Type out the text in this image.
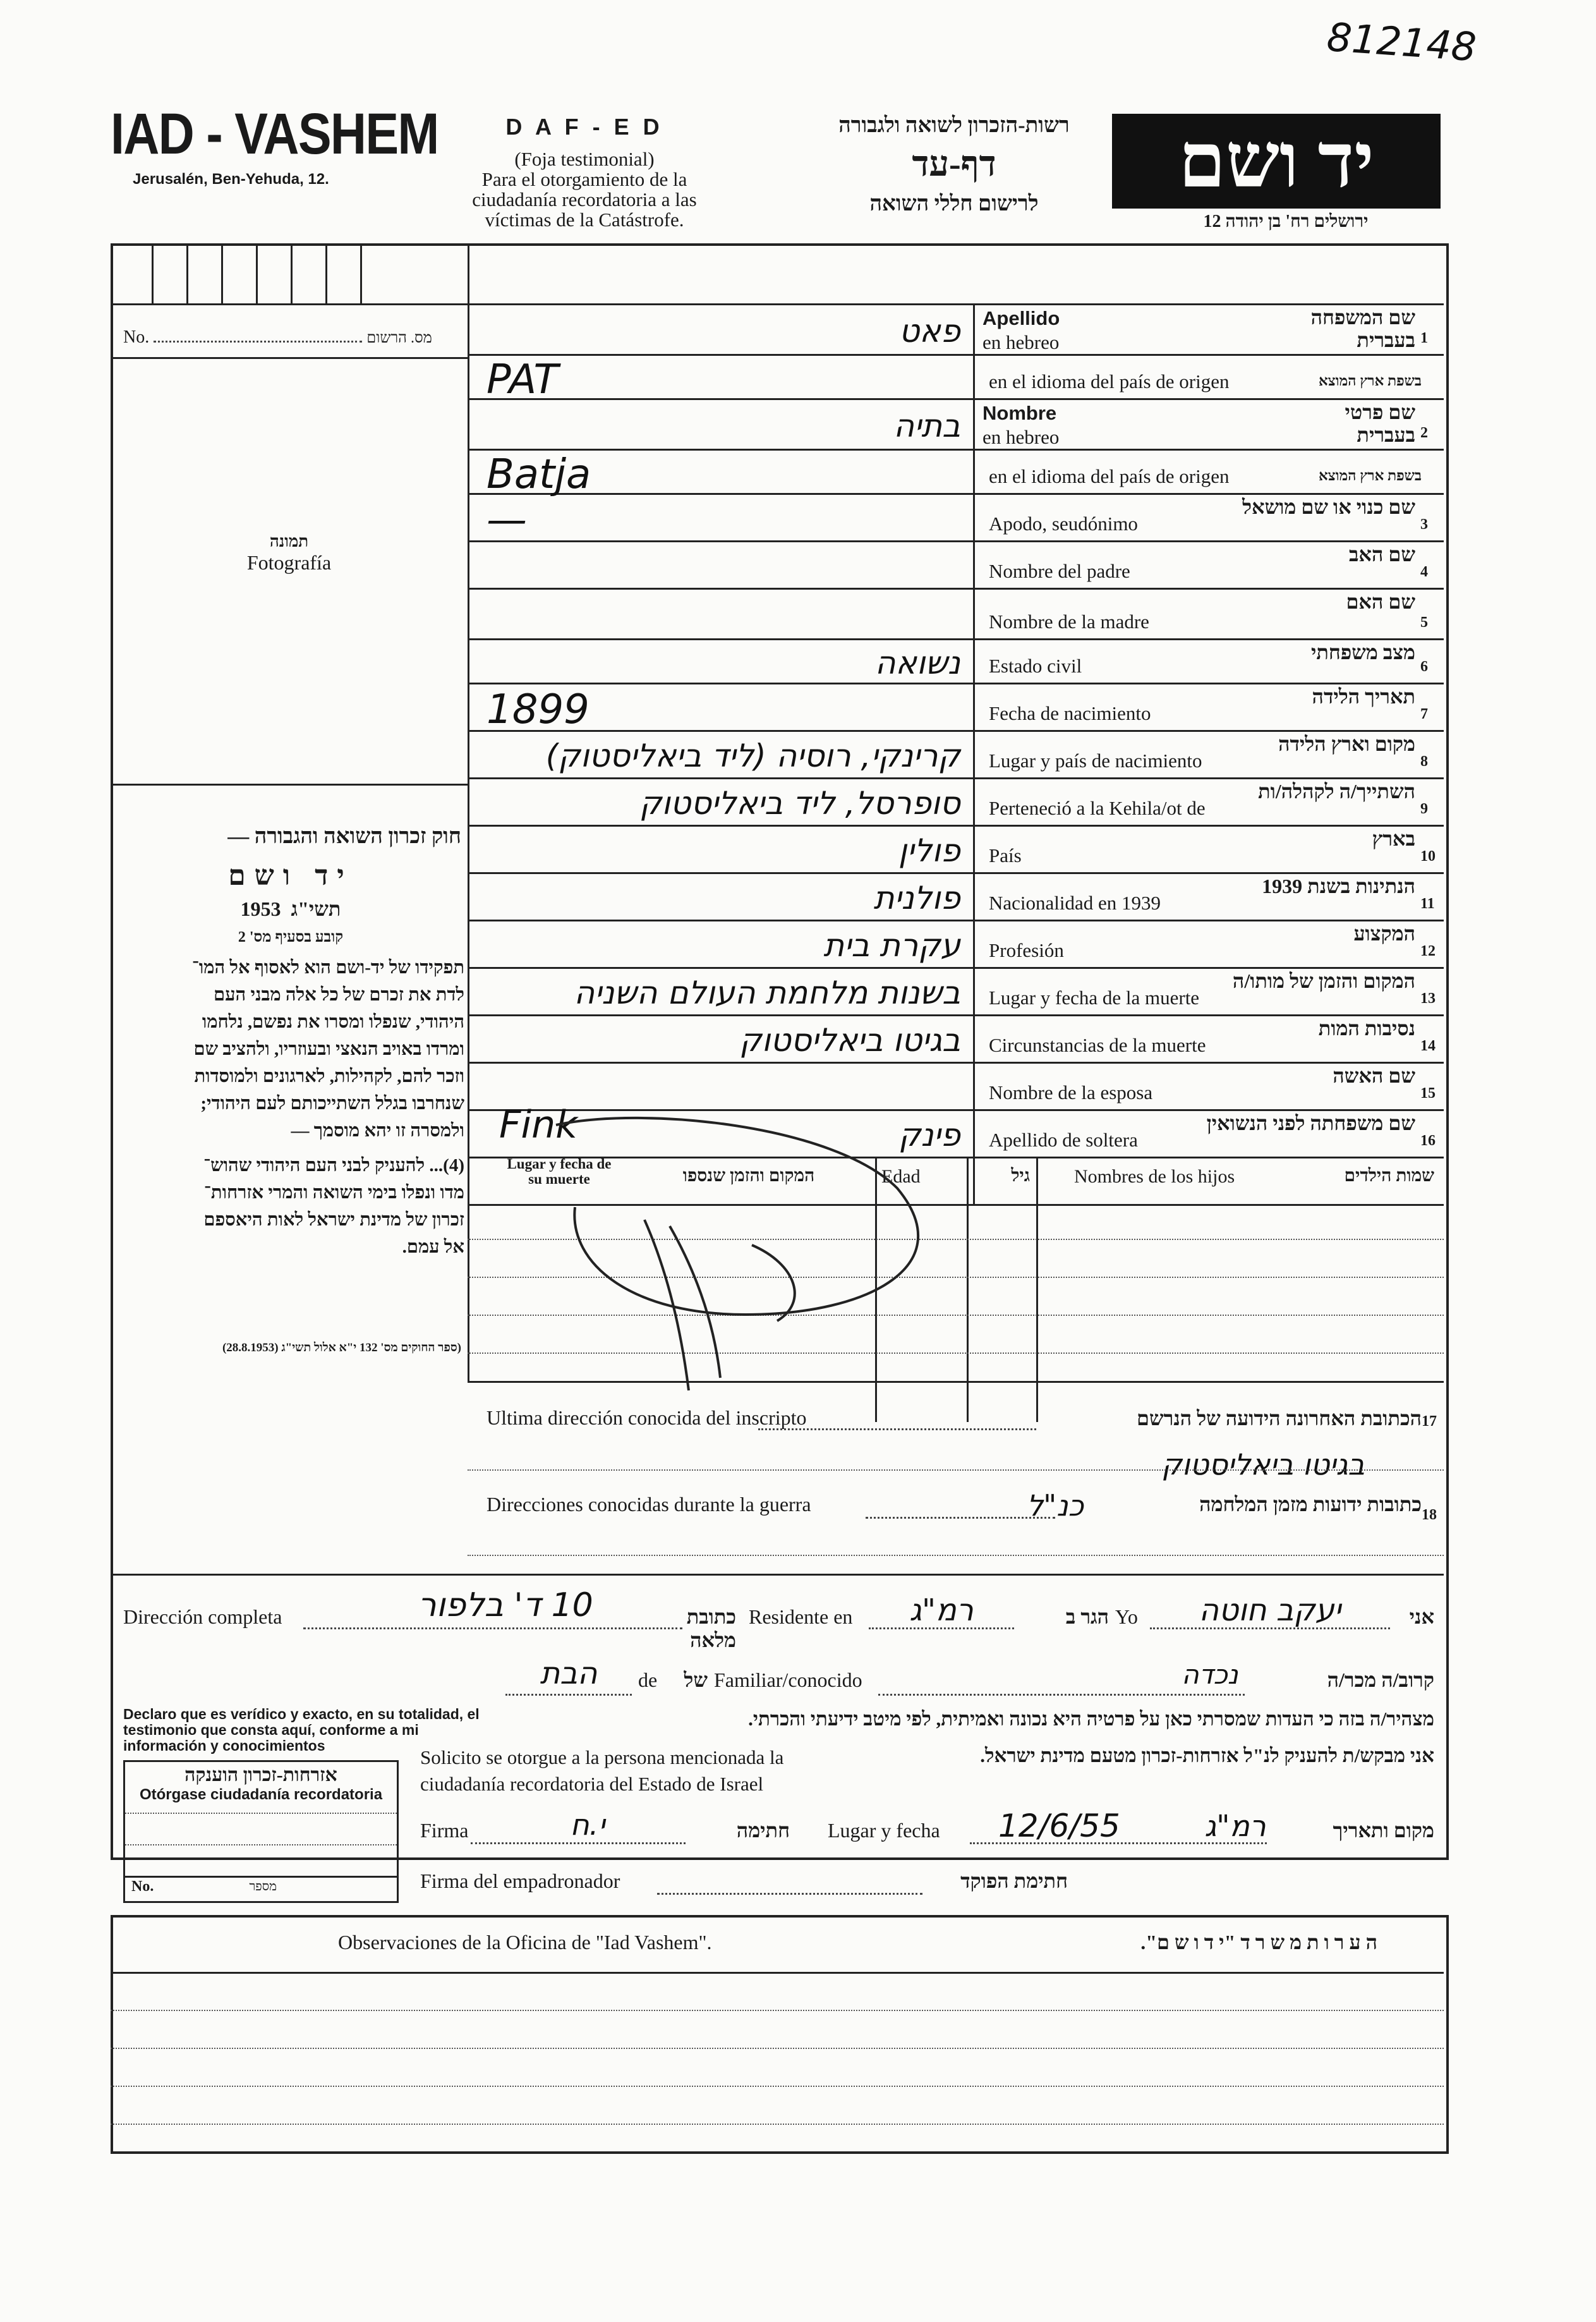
812148
IAD - VASHEM
Jerusalén, Ben-Yehuda, 12.
D A F - E D
(Foja testimonial)
Para el otorgamiento de la
ciudadanía recordatoria a las
víctimas de la Catástrofe.
רשות-הזכרון לשואה ולגבורה
דף-עד
לרישום חללי השואה
יד ושם
ירושלים רח' בן יהודה 12
No.	מס. הרשום
תמונה
Fotografía
חוק זכרון השואה והגבורה —
יד ושם
1953 תשי"ג
קובע בסעיף מס' 2
תפקידו של יד-ושם הוא לאסוף אל המו־
לדת את זכרם של כל אלה מבני העם
היהודי, שנפלו ומסרו את נפשם, נלחמו
ומרדו באויב הנאצי ובעוזריו, ולהציב שם
וזכר להם, לקהילות, לארגונים ולמוסדות
שנחרבו בגלל השתייכותם לעם היהודי;
ולמסרה זו יהא מוסמך —
(4)... להעניק לבני העם היהודי שהוש־
מדו ונפלו בימי השואה והמרי אזרחות־
זכרון של מדינת ישראל לאות היאספם
אל עמם.
(ספר החוקים מס' 132 י"א אלול תשי"ג (28.8.1953)
פאט en hebreo
Apellido
בעברית
שם המשפחה
1
PAT	en el idioma del país de origen	בשפת ארץ המוצא
בתיה en hebreo
Nombre
בעברית
שם פרטי
2
Batja	en el idioma del país de origen	בשפת ארץ המוצא
—	Apodo, seudónimo
שם כנוי או שם מושאל
3
Nombre del padre
שם האב
4
Nombre de la madre
שם האם
5
נשואה Estado civil
מצב משפחתי
6
1899	Fecha de nacimiento
תאריך הלידה
7
קרינקי, רוסיה (ליד ביאליסטוק) Lugar y país de nacimiento
מקום וארץ הלידה
8
סופרסל, ליד ביאליסטוק Perteneció a la Kehila/ot de
השתייך/ה לקהלה/ות
9
פולין País
בארץ
10
פולנית Nacionalidad en 1939
הנתינות בשנת 1939
11
עקרת בית Profesión
המקצוע
12
בשנות מלחמת העולם השניה Lugar y fecha de la muerte
המקום והזמן של מותו/ה
13
בגיטו ביאליסטוק Circunstancias de la muerte
נסיבות המות
14
Nombre de la esposa
שם האשה
15
פינק
Fink	Apellido de soltera
שם משפחתה לפני הנשואין
16
Lugar y fecha de su muerte	המקום והזמן שנספו	Edad	גיל Nombres de los hijos	שמות הילדים
Ultima dirección conocida del inscripto
בגיטו ביאליסטוק
הכתובת האחרונה הידועה של הנרשם 17
Direcciones conocidas durante la guerra	כנ"ל	כתובות ידועות מזמן המלחמה 18
Dirección completa	10 ד' בלפור	כתובת מלאה
Residente en	רמ"ג	הגר ב Yo	יעקב חוטה	אני
הבת	de	של Familiar/conocido	נכדה	קרוב/ה מכר/ה
Declaro que es verídico y exacto, en su totalidad, el testimonio que consta aquí, conforme a mi información y conocimientos
מצהיר/ה בזה כי העדות שמסרתי כאן על פרטיה היא נכונה ואמיתית, לפי מיטב ידיעתי והכרתי.
Solicito se otorgue a la persona mencionada la ciudadanía recordatoria del Estado de Israel
אני מבקש/ת להעניק לנ"ל אזרחות-זכרון מטעם מדינת ישראל.
אזרחות-זכרון הוענקה
Otórgase ciudadanía recordatoria
No.	מספר
Firma	י.ח	חתימה Lugar y fecha 12/6/55	רמ"ג	מקום ותאריך
Firma del empadronador	חתימת הפוקד
Observaciones de la Oficina de "Iad Vashem".	ה ע ר ו ת מ ש ר ד "י ד ו ש ם".
